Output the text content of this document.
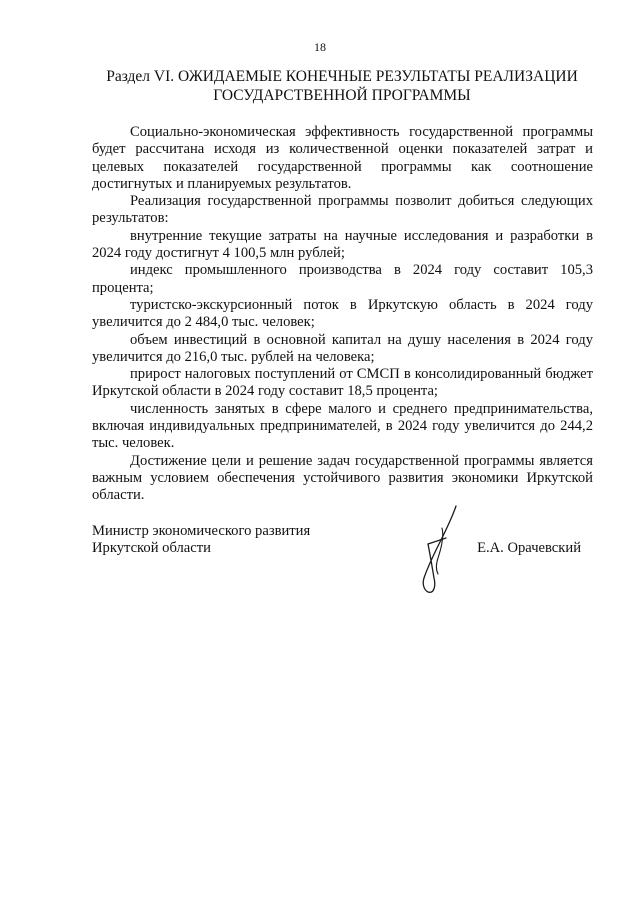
18
Раздел VI. ОЖИДАЕМЫЕ КОНЕЧНЫЕ РЕЗУЛЬТАТЫ РЕАЛИЗАЦИИ
ГОСУДАРСТВЕННОЙ ПРОГРАММЫ

Социально-экономическая эффективность государственной программы будет рассчитана исходя из количественной оценки показателей затрат и целевых показателей государственной программы как соотношение достигнутых и планируемых результатов.

Реализация государственной программы позволит добиться следующих результатов:

внутренние текущие затраты на научные исследования и разработки в 2024 году достигнут 4 100,5 млн рублей;

индекс промышленного производства в 2024 году составит 105,3 процента;

туристско-экскурсионный поток в Иркутскую область в 2024 году увеличится до 2 484,0 тыс. человек;

объем инвестиций в основной капитал на душу населения в 2024 году увеличится до 216,0 тыс. рублей на человека;

прирост налоговых поступлений от СМСП в консолидированный бюджет Иркутской области в 2024 году составит 18,5 процента;

численность занятых в сфере малого и среднего предпринимательства, включая индивидуальных предпринимателей, в 2024 году увеличится до 244,2 тыс. человек.

Достижение цели и решение задач государственной программы является важным условием обеспечения устойчивого развития экономики Иркутской области.

Министр экономического развития
Иркутской области	Е.А. Орачевский
